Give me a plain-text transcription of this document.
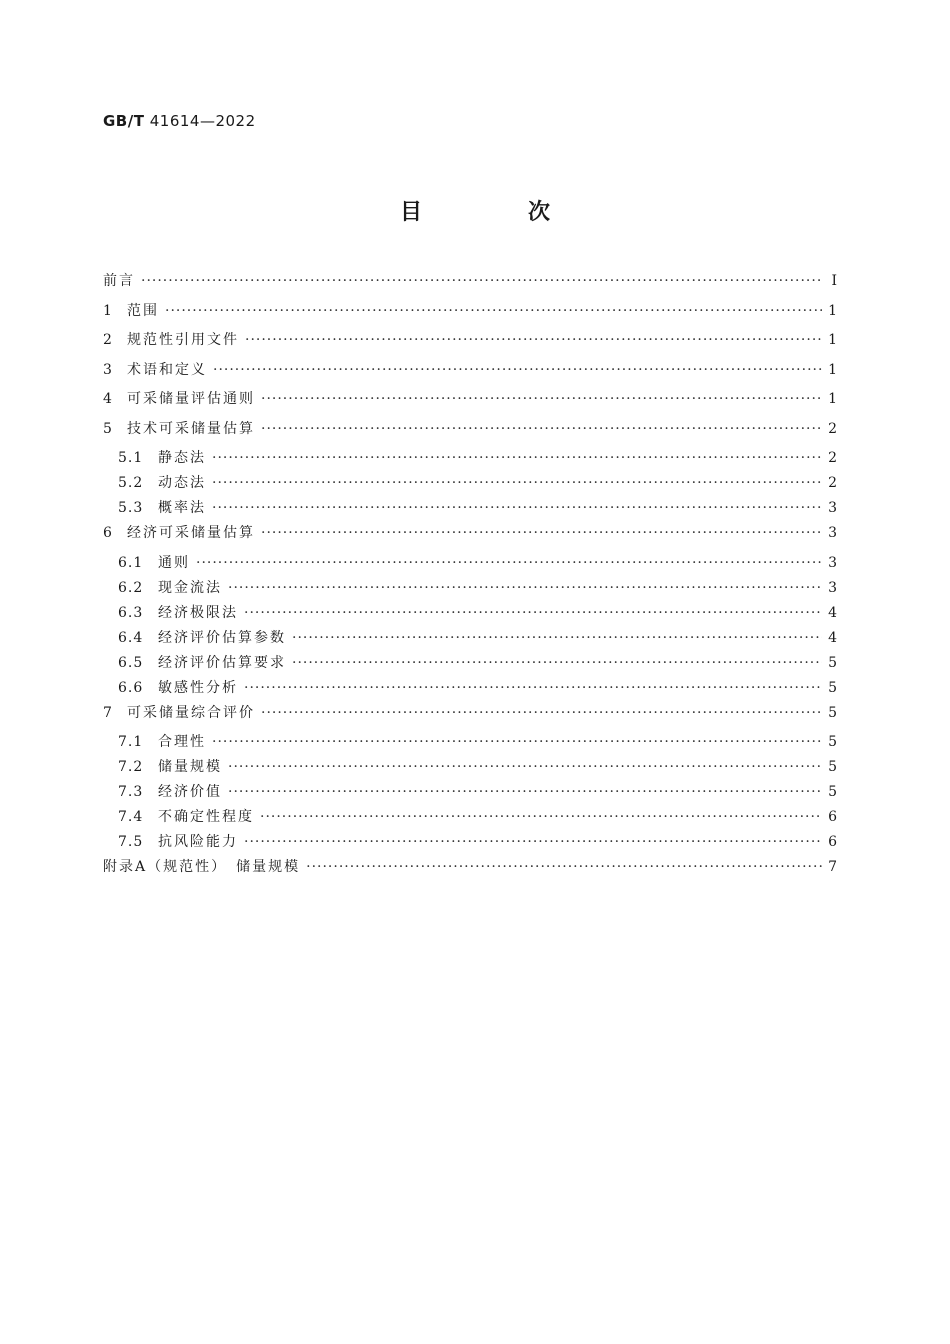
GB/T 41614—2022
目　次
前言 ·····	I
1 范围 ·····	1
2 规范性引用文件 ·····	1
3 术语和定义 ·····	1
4 可采储量评估通则 ·····	1
5 技术可采储量估算 ·····	2
5.1	静态法 ·····	2
5.2	动态法 ·····	2
5.3	概率法 ·····	3
6 经济可采储量估算 ·····	3
6.1	通则 ·····	3
6.2	现金流法 ·····	3
6.3	经济极限法 ·····	4
6.4	经济评价估算参数 ·····	4
6.5	经济评价估算要求 ·····	5
6.6	敏感性分析 ·····	5
7 可采储量综合评价 ·····	5
7.1	合理性 ·····	5
7.2	储量规模 ·····	5
7.3	经济价值 ·····	5
7.4	不确定性程度 ·····	6
7.5	抗风险能力 ·····	6
附录A（规范性）　储量规模 ·····	7
